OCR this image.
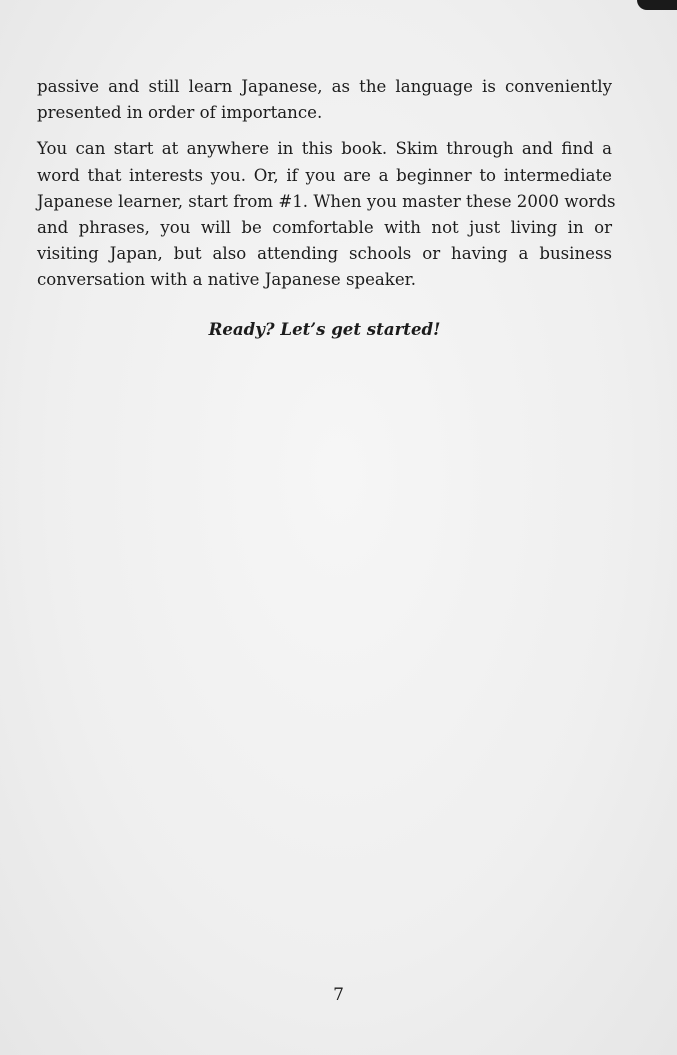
passive and still learn Japanese, as the language is conveniently
presented in order of importance.

You can start at anywhere in this book. Skim through and find a
word that interests you. Or, if you are a beginner to intermediate
Japanese learner, start from #1. When you master these 2000 words
and phrases, you will be comfortable with not just living in or
visiting Japan, but also attending schools or having a business
conversation with a native Japanese speaker.

Ready? Let’s get started!
7
